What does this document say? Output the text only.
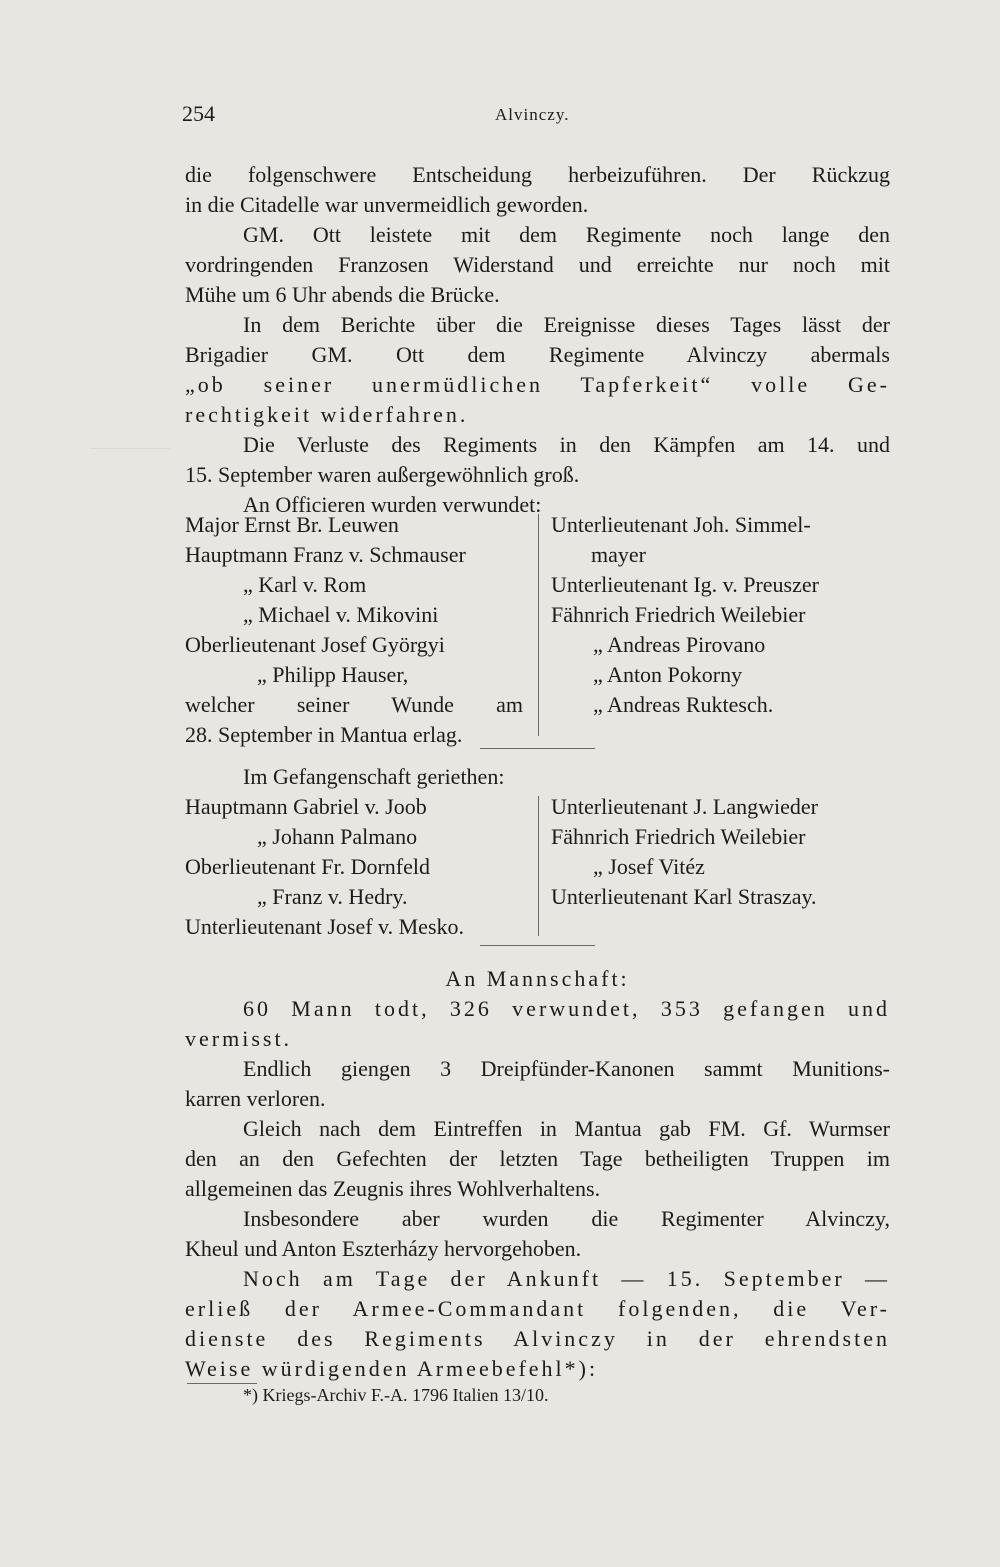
254	Alvinczy.
die folgenschwere Entscheidung herbeizuführen. Der Rückzug
in die Citadelle war unvermeidlich geworden.
GM. Ott leistete mit dem Regimente noch lange den
vordringenden Franzosen Widerstand und erreichte nur noch mit
Mühe um 6 Uhr abends die Brücke.
In dem Berichte über die Ereignisse dieses Tages lässt der
Brigadier GM. Ott dem Regimente Alvinczy abermals
„ob seiner unermüdlichen Tapferkeit“ volle Ge-
rechtigkeit widerfahren.
Die Verluste des Regiments in den Kämpfen am 14. und
15. September waren außergewöhnlich groß.
An Officieren wurden verwundet:
Major Ernst Br. Leuwen
Hauptmann Franz v. Schmauser
„ Karl v. Rom
„ Michael v. Mikovini
Oberlieutenant Josef Györgyi
„ Philipp Hauser,
welcher seiner Wunde am
28. September in Mantua erlag.
Unterlieutenant Joh. Simmel-
mayer
Unterlieutenant Ig. v. Preuszer
Fähnrich Friedrich Weilebier
„ Andreas Pirovano
„ Anton Pokorny
„ Andreas Ruktesch.
Im Gefangenschaft geriethen:
Hauptmann Gabriel v. Joob
„ Johann Palmano
Oberlieutenant Fr. Dornfeld
„ Franz v. Hedry.
Unterlieutenant Josef v. Mesko.
Unterlieutenant J. Langwieder
Fähnrich Friedrich Weilebier
„ Josef Vitéz
Unterlieutenant Karl Straszay.
An Mannschaft:
60 Mann todt, 326 verwundet, 353 gefangen und
vermisst.
Endlich giengen 3 Dreipfünder-Kanonen sammt Munitions-
karren verloren.
Gleich nach dem Eintreffen in Mantua gab FM. Gf. Wurmser
den an den Gefechten der letzten Tage betheiligten Truppen im
allgemeinen das Zeugnis ihres Wohlverhaltens.
Insbesondere aber wurden die Regimenter Alvinczy,
Kheul und Anton Eszterházy hervorgehoben.
Noch am Tage der Ankunft — 15. September —
erließ der Armee-Commandant folgenden, die Ver-
dienste des Regiments Alvinczy in der ehrendsten
Weise würdigenden Armeebefehl*):
*) Kriegs-Archiv F.-A. 1796 Italien 13/10.
